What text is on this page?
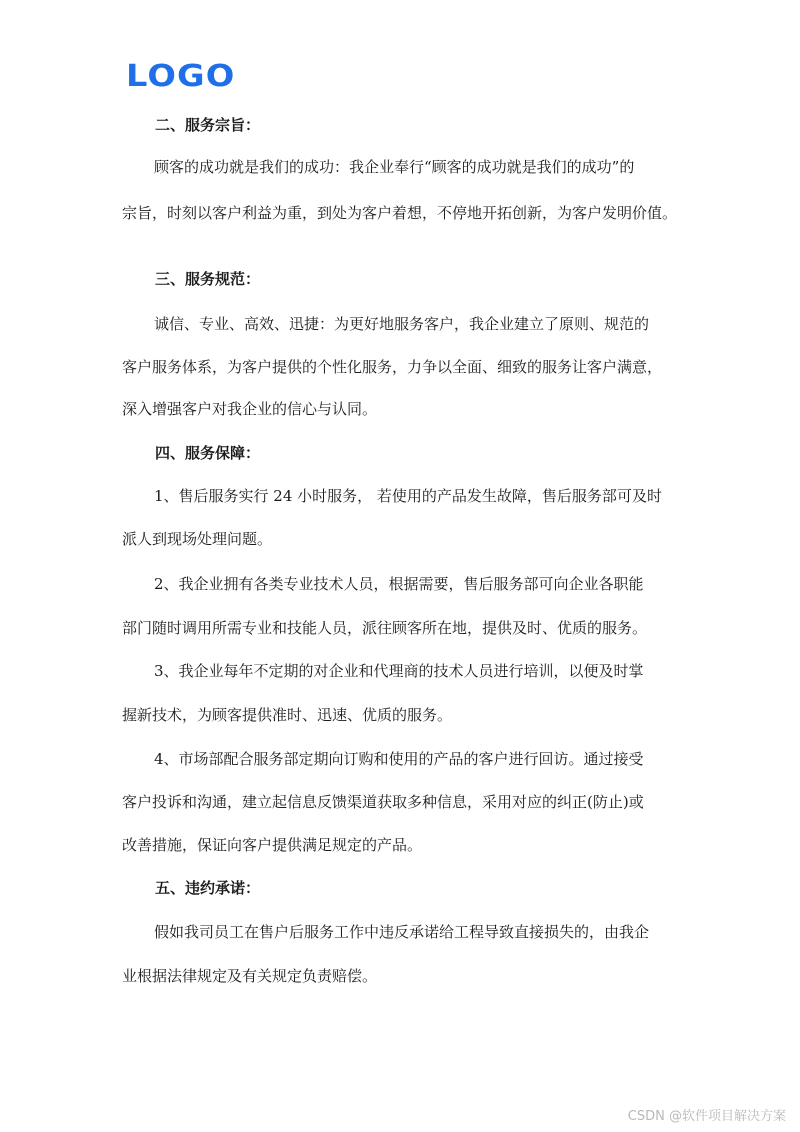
LOGO
二、服务宗旨：
顾客的成功就是我们的成功：我企业奉行“顾客的成功就是我们的成功”的
宗旨，时刻以客户利益为重，到处为客户着想，不停地开拓创新，为客户发明价值。
三、服务规范：
诚信、专业、高效、迅捷：为更好地服务客户，我企业建立了原则、规范的
客户服务体系，为客户提供的个性化服务，力争以全面、细致的服务让客户满意，
深入增强客户对我企业的信心与认同。
四、服务保障：
1、售后服务实行 24 小时服务， 若使用的产品发生故障，售后服务部可及时
派人到现场处理问题。
2、我企业拥有各类专业技术人员，根据需要，售后服务部可向企业各职能
部门随时调用所需专业和技能人员，派往顾客所在地，提供及时、优质的服务。
3、我企业每年不定期的对企业和代理商的技术人员进行培训，以便及时掌
握新技术，为顾客提供准时、迅速、优质的服务。
4、市场部配合服务部定期向订购和使用的产品的客户进行回访。通过接受
客户投诉和沟通，建立起信息反馈渠道获取多种信息，采用对应的纠正(防止)或
改善措施，保证向客户提供满足规定的产品。
五、违约承诺：
假如我司员工在售户后服务工作中违反承诺给工程导致直接损失的，由我企
业根据法律规定及有关规定负责赔偿。
CSDN @软件项目解决方案
